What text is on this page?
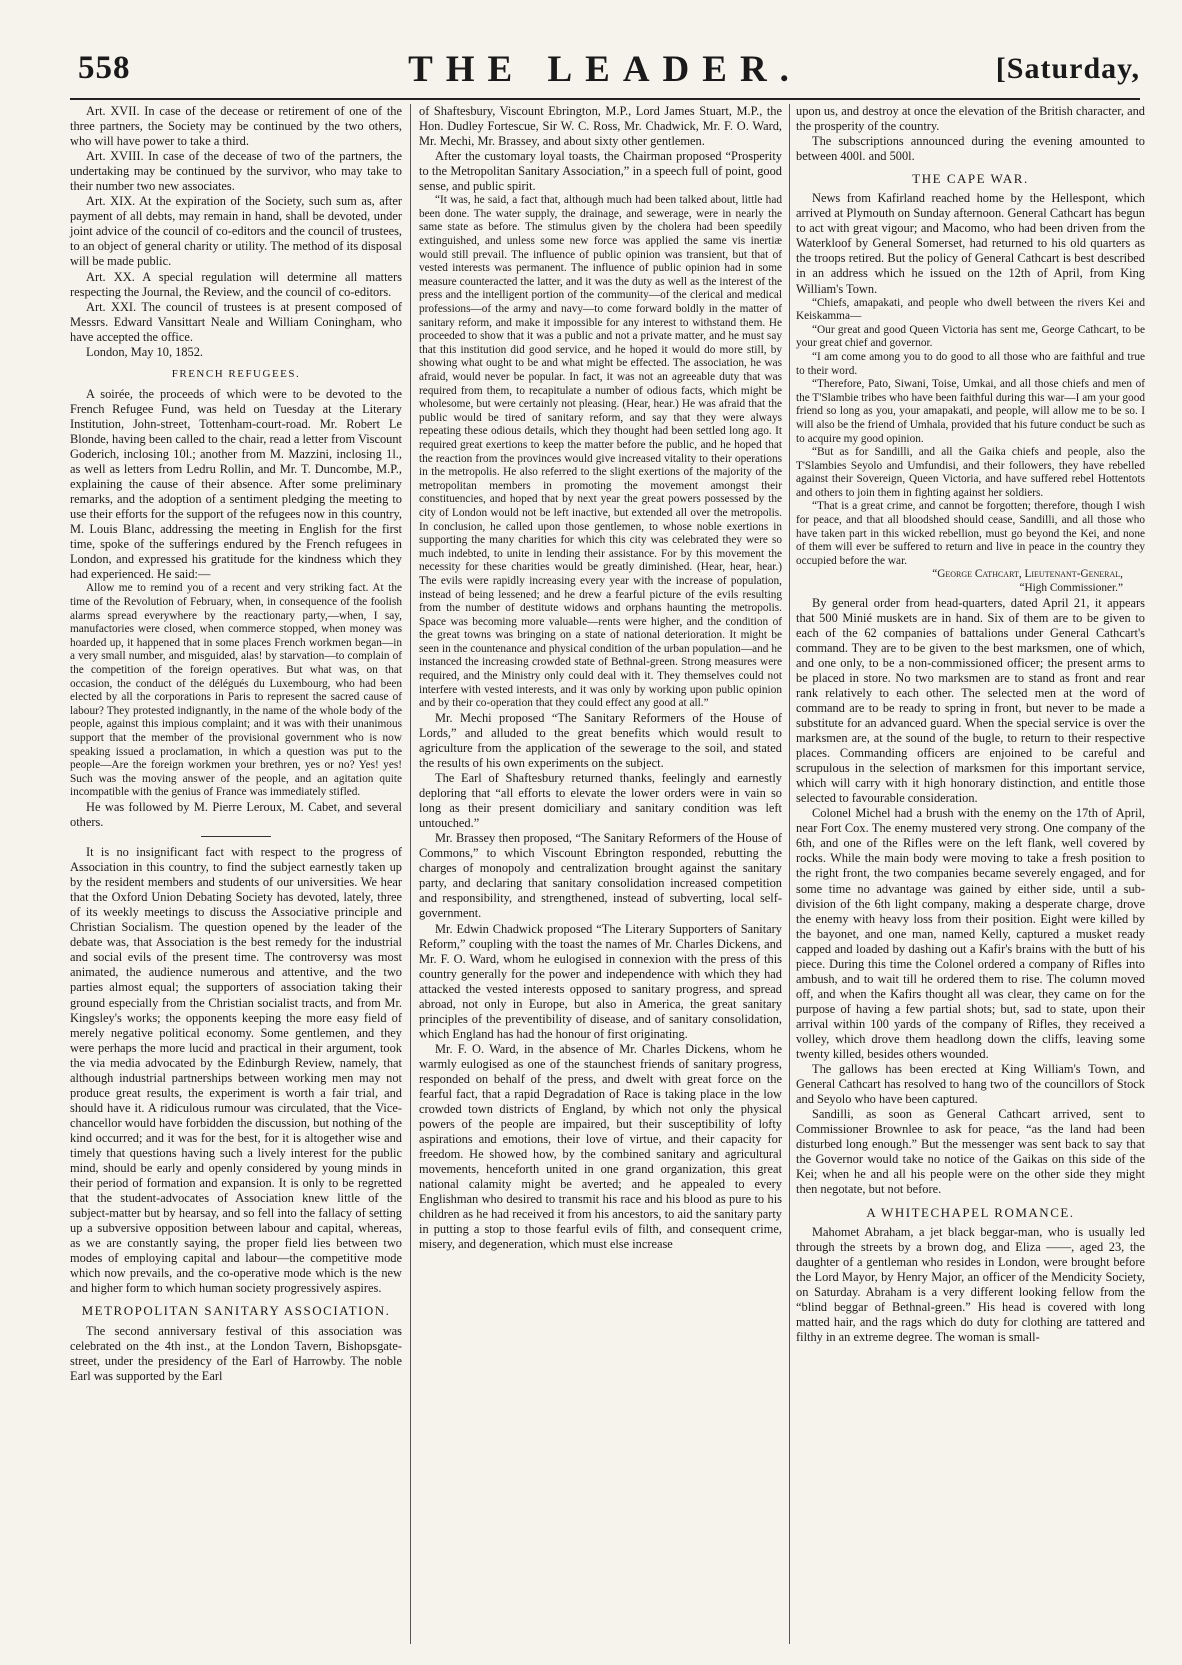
558	THE LEADER.	[Saturday,

Art. XVII. In case of the decease or retirement of one of the three partners, the Society may be continued by the two others, who will have power to take a third.

Art. XVIII. In case of the decease of two of the partners, the undertaking may be continued by the survivor, who may take to their number two new associates.

Art. XIX. At the expiration of the Society, such sum as, after payment of all debts, may remain in hand, shall be devoted, under joint advice of the council of co-editors and the council of trustees, to an object of general charity or utility. The method of its disposal will be made public.

Art. XX. A special regulation will determine all matters respecting the Journal, the Review, and the council of co-editors.

Art. XXI. The council of trustees is at present composed of Messrs. Edward Vansittart Neale and William Coningham, who have accepted the office.

London, May 10, 1852.

FRENCH REFUGEES.

A soirée, the proceeds of which were to be devoted to the French Refugee Fund, was held on Tuesday at the Literary Institution, John-street, Tottenham-court-road. Mr. Robert Le Blonde, having been called to the chair, read a letter from Viscount Goderich, inclosing 10l.; another from M. Mazzini, inclosing 1l., as well as letters from Ledru Rollin, and Mr. T. Duncombe, M.P., explaining the cause of their absence. After some preliminary remarks, and the adoption of a sentiment pledging the meeting to use their efforts for the support of the refugees now in this country, M. Louis Blanc, addressing the meeting in English for the first time, spoke of the sufferings endured by the French refugees in London, and expressed his gratitude for the kindness which they had experienced. He said:—

Allow me to remind you of a recent and very striking fact. At the time of the Revolution of February, when, in consequence of the foolish alarms spread everywhere by the reactionary party,—when, I say, manufactories were closed, when commerce stopped, when money was hoarded up, it happened that in some places French workmen began—in a very small number, and misguided, alas! by starvation—to complain of the competition of the foreign operatives. But what was, on that occasion, the conduct of the délégués du Luxembourg, who had been elected by all the corporations in Paris to represent the sacred cause of labour? They protested indignantly, in the name of the whole body of the people, against this impious complaint; and it was with their unanimous support that the member of the provisional government who is now speaking issued a proclamation, in which a question was put to the people—Are the foreign workmen your brethren, yes or no? Yes! yes! Such was the moving answer of the people, and an agitation quite incompatible with the genius of France was immediately stifled.

He was followed by M. Pierre Leroux, M. Cabet, and several others.

It is no insignificant fact with respect to the progress of Association in this country, to find the subject earnestly taken up by the resident members and students of our universities. We hear that the Oxford Union Debating Society has devoted, lately, three of its weekly meetings to discuss the Associative principle and Christian Socialism. The question opened by the leader of the debate was, that Association is the best remedy for the industrial and social evils of the present time. The controversy was most animated, the audience numerous and attentive, and the two parties almost equal; the supporters of association taking their ground especially from the Christian socialist tracts, and from Mr. Kingsley's works; the opponents keeping the more easy field of merely negative political economy. Some gentlemen, and they were perhaps the more lucid and practical in their argument, took the via media advocated by the Edinburgh Review, namely, that although industrial partnerships between working men may not produce great results, the experiment is worth a fair trial, and should have it. A ridiculous rumour was circulated, that the Vice-chancellor would have forbidden the discussion, but nothing of the kind occurred; and it was for the best, for it is altogether wise and timely that questions having such a lively interest for the public mind, should be early and openly considered by young minds in their period of formation and expansion. It is only to be regretted that the student-advocates of Association knew little of the subject-matter but by hearsay, and so fell into the fallacy of setting up a subversive opposition between labour and capital, whereas, as we are constantly saying, the proper field lies between two modes of employing capital and labour—the competitive mode which now prevails, and the co-operative mode which is the new and higher form to which human society progressively aspires.

METROPOLITAN SANITARY ASSOCIATION.

The second anniversary festival of this association was celebrated on the 4th inst., at the London Tavern, Bishopsgate-street, under the presidency of the Earl of Harrowby. The noble Earl was supported by the Earl

of Shaftesbury, Viscount Ebrington, M.P., Lord James Stuart, M.P., the Hon. Dudley Fortescue, Sir W. C. Ross, Mr. Chadwick, Mr. F. O. Ward, Mr. Mechi, Mr. Brassey, and about sixty other gentlemen.

After the customary loyal toasts, the Chairman proposed “Prosperity to the Metropolitan Sanitary Association,” in a speech full of point, good sense, and public spirit.

“It was, he said, a fact that, although much had been talked about, little had been done. The water supply, the drainage, and sewerage, were in nearly the same state as before. The stimulus given by the cholera had been speedily extinguished, and unless some new force was applied the same vis inertiæ would still prevail. The influence of public opinion was transient, but that of vested interests was permanent. The influence of public opinion had in some measure counteracted the latter, and it was the duty as well as the interest of the press and the intelligent portion of the community—of the clerical and medical professions—of the army and navy—to come forward boldly in the matter of sanitary reform, and make it impossible for any interest to withstand them. He proceeded to show that it was a public and not a private matter, and he must say that this institution did good service, and he hoped it would do more still, by showing what ought to be and what might be effected. The association, he was afraid, would never be popular. In fact, it was not an agreeable duty that was required from them, to recapitulate a number of odious facts, which might be wholesome, but were certainly not pleasing. (Hear, hear.) He was afraid that the public would be tired of sanitary reform, and say that they were always repeating these odious details, which they thought had been settled long ago. It required great exertions to keep the matter before the public, and he hoped that the reaction from the provinces would give increased vitality to their operations in the metropolis. He also referred to the slight exertions of the majority of the metropolitan members in promoting the movement amongst their constituencies, and hoped that by next year the great powers possessed by the city of London would not be left inactive, but extended all over the metropolis. In conclusion, he called upon those gentlemen, to whose noble exertions in supporting the many charities for which this city was celebrated they were so much indebted, to unite in lending their assistance. For by this movement the necessity for these charities would be greatly diminished. (Hear, hear, hear.) The evils were rapidly increasing every year with the increase of population, instead of being lessened; and he drew a fearful picture of the evils resulting from the number of destitute widows and orphans haunting the metropolis. Space was becoming more valuable—rents were higher, and the condition of the great towns was bringing on a state of national deterioration. It might be seen in the countenance and physical condition of the urban population—and he instanced the increasing crowded state of Bethnal-green. Strong measures were required, and the Ministry only could deal with it. They themselves could not interfere with vested interests, and it was only by working upon public opinion and by their co-operation that they could effect any good at all.”

Mr. Mechi proposed “The Sanitary Reformers of the House of Lords,” and alluded to the great benefits which would result to agriculture from the application of the sewerage to the soil, and stated the results of his own experiments on the subject.

The Earl of Shaftesbury returned thanks, feelingly and earnestly deploring that “all efforts to elevate the lower orders were in vain so long as their present domiciliary and sanitary condition was left untouched.”

Mr. Brassey then proposed, “The Sanitary Reformers of the House of Commons,” to which Viscount Ebrington responded, rebutting the charges of monopoly and centralization brought against the sanitary party, and declaring that sanitary consolidation increased competition and responsibility, and strengthened, instead of subverting, local self-government.

Mr. Edwin Chadwick proposed “The Literary Supporters of Sanitary Reform,” coupling with the toast the names of Mr. Charles Dickens, and Mr. F. O. Ward, whom he eulogised in connexion with the press of this country generally for the power and independence with which they had attacked the vested interests opposed to sanitary progress, and spread abroad, not only in Europe, but also in America, the great sanitary principles of the preventibility of disease, and of sanitary consolidation, which England has had the honour of first originating.

Mr. F. O. Ward, in the absence of Mr. Charles Dickens, whom he warmly eulogised as one of the staunchest friends of sanitary progress, responded on behalf of the press, and dwelt with great force on the fearful fact, that a rapid Degradation of Race is taking place in the low crowded town districts of England, by which not only the physical powers of the people are impaired, but their susceptibility of lofty aspirations and emotions, their love of virtue, and their capacity for freedom. He showed how, by the combined sanitary and agricultural movements, henceforth united in one grand organization, this great national calamity might be averted; and he appealed to every Englishman who desired to transmit his race and his blood as pure to his children as he had received it from his ancestors, to aid the sanitary party in putting a stop to those fearful evils of filth, and consequent crime, misery, and degeneration, which must else increase

upon us, and destroy at once the elevation of the British character, and the prosperity of the country.

The subscriptions announced during the evening amounted to between 400l. and 500l.

THE CAPE WAR.

News from Kafirland reached home by the Hellespont, which arrived at Plymouth on Sunday afternoon. General Cathcart has begun to act with great vigour; and Macomo, who had been driven from the Waterkloof by General Somerset, had returned to his old quarters as the troops retired. But the policy of General Cathcart is best described in an address which he issued on the 12th of April, from King William's Town.

“Chiefs, amapakati, and people who dwell between the rivers Kei and Keiskamma—

“Our great and good Queen Victoria has sent me, George Cathcart, to be your great chief and governor.

“I am come among you to do good to all those who are faithful and true to their word.

“Therefore, Pato, Siwani, Toise, Umkai, and all those chiefs and men of the T'Slambie tribes who have been faithful during this war—I am your good friend so long as you, your amapakati, and people, will allow me to be so. I will also be the friend of Umhala, provided that his future conduct be such as to acquire my good opinion.

“But as for Sandilli, and all the Gaika chiefs and people, also the T'Slambies Seyolo and Umfundisi, and their followers, they have rebelled against their Sovereign, Queen Victoria, and have suffered rebel Hottentots and others to join them in fighting against her soldiers.

“That is a great crime, and cannot be forgotten; therefore, though I wish for peace, and that all bloodshed should cease, Sandilli, and all those who have taken part in this wicked rebellion, must go beyond the Kei, and none of them will ever be suffered to return and live in peace in the country they occupied before the war.

“George Cathcart, Lieutenant-General,

“High Commissioner.”

By general order from head-quarters, dated April 21, it appears that 500 Minié muskets are in hand. Six of them are to be given to each of the 62 companies of battalions under General Cathcart's command. They are to be given to the best marksmen, one of which, and one only, to be a non-commissioned officer; the present arms to be placed in store. No two marksmen are to stand as front and rear rank relatively to each other. The selected men at the word of command are to be ready to spring in front, but never to be made a substitute for an advanced guard. When the special service is over the marksmen are, at the sound of the bugle, to return to their respective places. Commanding officers are enjoined to be careful and scrupulous in the selection of marksmen for this important service, which will carry with it high honorary distinction, and entitle those selected to favourable consideration.

Colonel Michel had a brush with the enemy on the 17th of April, near Fort Cox. The enemy mustered very strong. One company of the 6th, and one of the Rifles were on the left flank, well covered by rocks. While the main body were moving to take a fresh position to the right front, the two companies became severely engaged, and for some time no advantage was gained by either side, until a sub-division of the 6th light company, making a desperate charge, drove the enemy with heavy loss from their position. Eight were killed by the bayonet, and one man, named Kelly, captured a musket ready capped and loaded by dashing out a Kafir's brains with the butt of his piece. During this time the Colonel ordered a company of Rifles into ambush, and to wait till he ordered them to rise. The column moved off, and when the Kafirs thought all was clear, they came on for the purpose of having a few partial shots; but, sad to state, upon their arrival within 100 yards of the company of Rifles, they received a volley, which drove them headlong down the cliffs, leaving some twenty killed, besides others wounded.

The gallows has been erected at King William's Town, and General Cathcart has resolved to hang two of the councillors of Stock and Seyolo who have been captured.

Sandilli, as soon as General Cathcart arrived, sent to Commissioner Brownlee to ask for peace, “as the land had been disturbed long enough.” But the messenger was sent back to say that the Governor would take no notice of the Gaikas on this side of the Kei; when he and all his people were on the other side they might then negotate, but not before.

A WHITECHAPEL ROMANCE.

Mahomet Abraham, a jet black beggar-man, who is usually led through the streets by a brown dog, and Eliza ——, aged 23, the daughter of a gentleman who resides in London, were brought before the Lord Mayor, by Henry Major, an officer of the Mendicity Society, on Saturday. Abraham is a very different looking fellow from the “blind beggar of Bethnal-green.” His head is covered with long matted hair, and the rags which do duty for clothing are tattered and filthy in an extreme degree. The woman is small-
